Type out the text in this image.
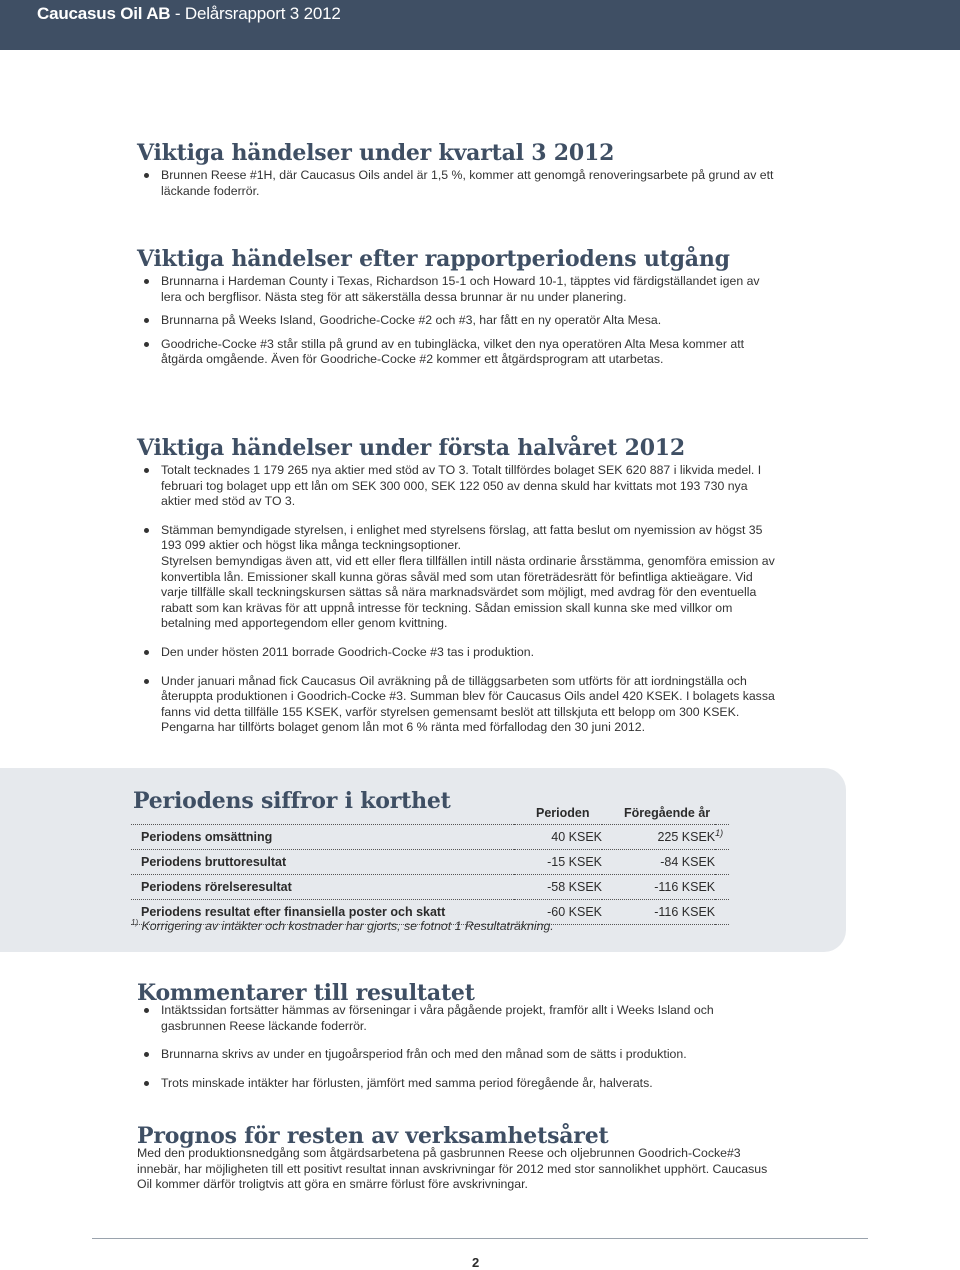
Caucasus Oil AB - Delårsrapport 3 2012
Viktiga händelser under kvartal 3 2012
Brunnen Reese #1H, där Caucasus Oils andel är 1,5 %, kommer att genomgå renoveringsarbete på grund av ett läckande foderrör.
Viktiga händelser efter rapportperiodens utgång
Brunnarna i Hardeman County i Texas, Richardson 15-1 och Howard 10-1, täpptes vid färdigställandet igen av lera och bergflisor. Nästa steg för att säkerställa dessa brunnar är nu under planering.
Brunnarna på Weeks Island, Goodriche-Cocke #2 och #3, har fått en ny operatör Alta Mesa.
Goodriche-Cocke #3 står stilla på grund av en tubingläcka, vilket den nya operatören Alta Mesa kommer att åtgärda omgående. Även för Goodriche-Cocke #2 kommer ett åtgärdsprogram att utarbetas.
Viktiga händelser under första halvåret 2012
Totalt tecknades 1 179 265 nya aktier med stöd av TO 3. Totalt tillfördes bolaget SEK 620 887 i likvida medel. I februari tog bolaget upp ett lån om SEK 300 000, SEK 122 050 av denna skuld har kvittats mot 193 730 nya aktier med stöd av TO 3.
Stämman bemyndigade styrelsen, i enlighet med styrelsens förslag, att fatta beslut om nyemission av högst 35 193 099 aktier och högst lika många teckningsoptioner.
Styrelsen bemyndigas även att, vid ett eller flera tillfällen intill nästa ordinarie årsstämma, genomföra emission av konvertibla lån. Emissioner skall kunna göras såväl med som utan företrädesrätt för befintliga aktieägare. Vid varje tillfälle skall teckningskursen sättas så nära marknadsvärdet som möjligt, med avdrag för den eventuella rabatt som kan krävas för att uppnå intresse för teckning. Sådan emission skall kunna ske med villkor om betalning med apportegendom eller genom kvittning.
Den under hösten 2011 borrade Goodrich-Cocke #3 tas i produktion.
Under januari månad fick Caucasus Oil avräkning på de tilläggsarbeten som utförts för att iordningställa och återuppta produktionen i Goodrich-Cocke #3. Summan blev för Caucasus Oils andel 420 KSEK. I bolagets kassa fanns vid detta tillfälle 155 KSEK, varför styrelsen gemensamt beslöt att tillskjuta ett belopp om 300 KSEK. Pengarna har tillförts bolaget genom lån mot 6 % ränta med förfallodag den 30 juni 2012.
Periodens siffror i korthet	Perioden	Föregående år
Periodens omsättning	40 KSEK	225 KSEK	1)
Periodens bruttoresultat	-15 KSEK	-84 KSEK	
Periodens rörelseresultat	-58 KSEK	-116 KSEK	
Periodens resultat efter finansiella poster och skatt	-60 KSEK	-116 KSEK	
$^{1)}$ Korrigering av intäkter och kostnader har gjorts, se fotnot 1 Resultaträkning.
Kommentarer till resultatet
Intäktssidan fortsätter hämmas av förseningar i våra pågående projekt, framför allt i Weeks Island och gasbrunnen Reese läckande foderrör.
Brunnarna skrivs av under en tjugoårsperiod från och med den månad som de sätts i produktion.
Trots minskade intäkter har förlusten, jämfört med samma period föregående år, halverats.
Prognos för resten av verksamhetsåret

Med den produktionsnedgång som åtgärdsarbetena på gasbrunnen Reese och oljebrunnen Goodrich-Cocke#3 innebär, har möjligheten till ett positivt resultat innan avskrivningar för 2012 med stor sannolikhet upphört. Caucasus Oil kommer därför troligtvis att göra en smärre förlust före avskrivningar.

2
